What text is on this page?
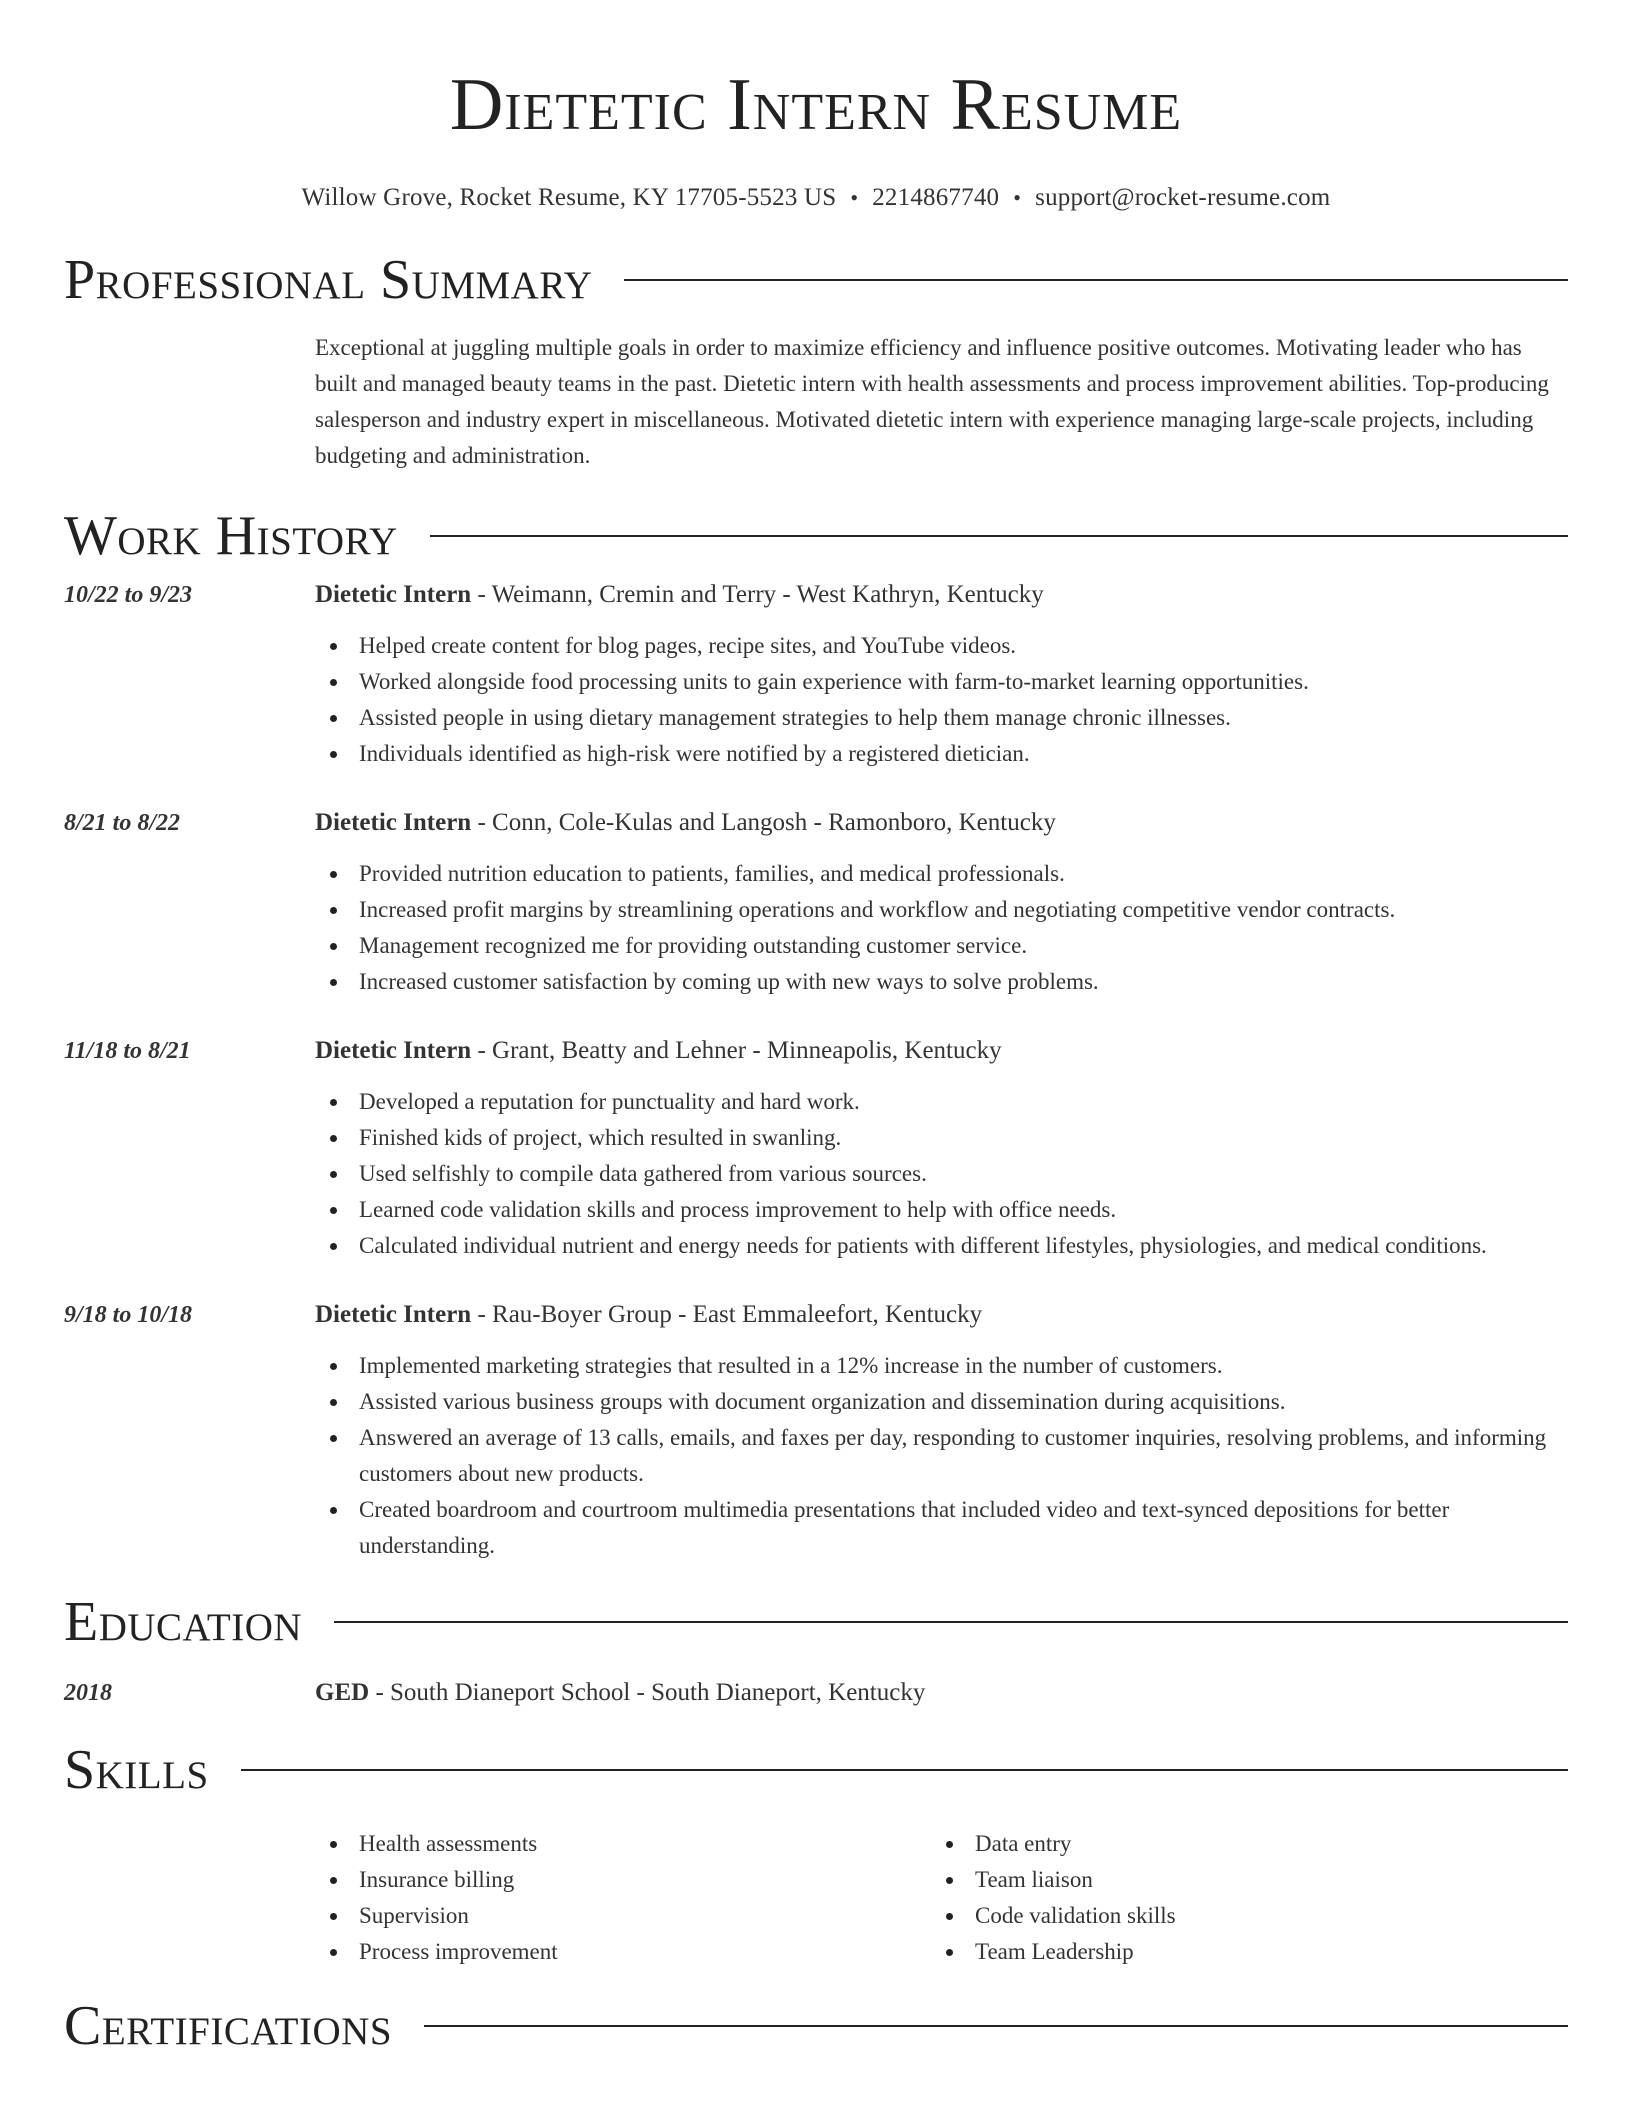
Dietetic Intern Resume
Willow Grove, Rocket Resume, KY 17705-5523 US • 2214867740 • support@rocket-resume.com
Professional Summary
Exceptional at juggling multiple goals in order to maximize efficiency and influence positive outcomes. Motivating leader who has built and managed beauty teams in the past. Dietetic intern with health assessments and process improvement abilities. Top-producing salesperson and industry expert in miscellaneous. Motivated dietetic intern with experience managing large-scale projects, including budgeting and administration.
Work History
10/22 to 9/23	Dietetic Intern - Weimann, Cremin and Terry - West Kathryn, Kentucky
Helped create content for blog pages, recipe sites, and YouTube videos.
Worked alongside food processing units to gain experience with farm-to-market learning opportunities.
Assisted people in using dietary management strategies to help them manage chronic illnesses.
Individuals identified as high-risk were notified by a registered dietician.
8/21 to 8/22	Dietetic Intern - Conn, Cole-Kulas and Langosh - Ramonboro, Kentucky
Provided nutrition education to patients, families, and medical professionals.
Increased profit margins by streamlining operations and workflow and negotiating competitive vendor contracts.
Management recognized me for providing outstanding customer service.
Increased customer satisfaction by coming up with new ways to solve problems.
11/18 to 8/21	Dietetic Intern - Grant, Beatty and Lehner - Minneapolis, Kentucky
Developed a reputation for punctuality and hard work.
Finished kids of project, which resulted in swanling.
Used selfishly to compile data gathered from various sources.
Learned code validation skills and process improvement to help with office needs.
Calculated individual nutrient and energy needs for patients with different lifestyles, physiologies, and medical conditions.
9/18 to 10/18	Dietetic Intern - Rau-Boyer Group - East Emmaleefort, Kentucky
Implemented marketing strategies that resulted in a 12% increase in the number of customers.
Assisted various business groups with document organization and dissemination during acquisitions.
Answered an average of 13 calls, emails, and faxes per day, responding to customer inquiries, resolving problems, and informing customers about new products.
Created boardroom and courtroom multimedia presentations that included video and text-synced depositions for better understanding.
Education
2018	GED - South Dianeport School - South Dianeport, Kentucky
Skills
Health assessments
Insurance billing
Supervision
Process improvement
Data entry
Team liaison
Code validation skills
Team Leadership
Certifications
